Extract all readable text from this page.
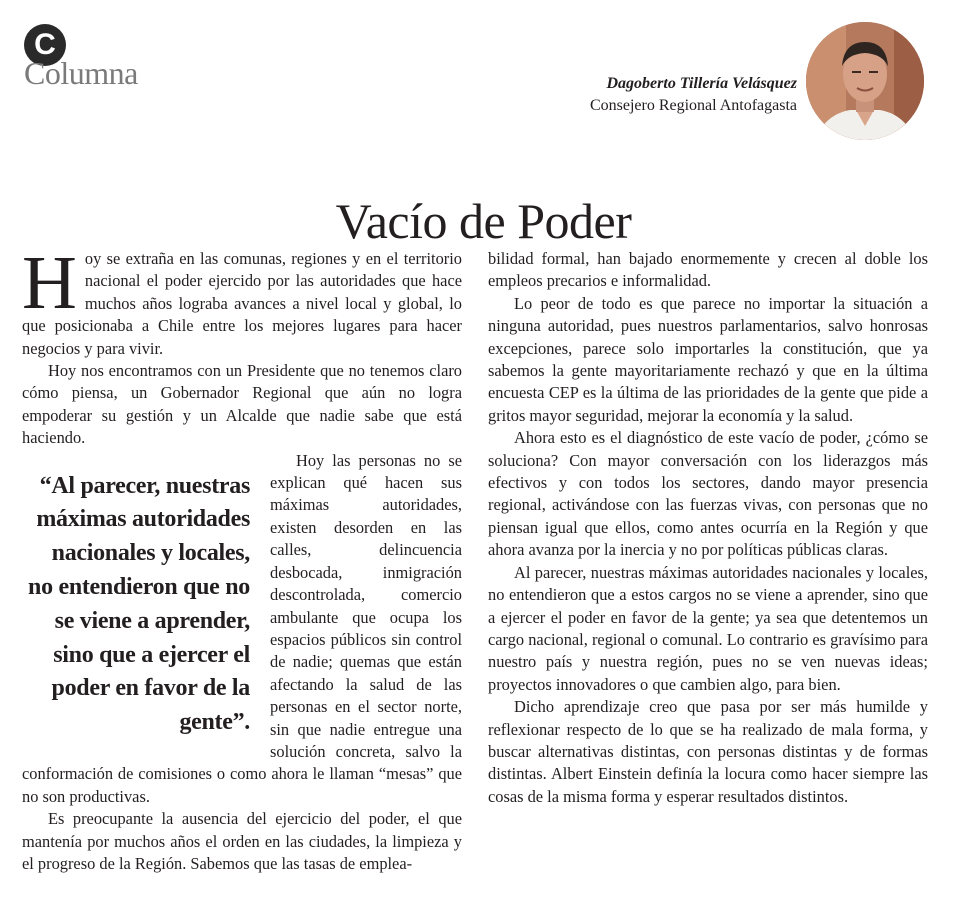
C
Columna	Dagoberto Tillería Velásquez
Consejero Regional Antofagasta
Vacío de Poder

Hoy se extraña en las comunas, regiones y en el territorio nacional el poder ejercido por las autoridades que hace muchos años lograba avances a nivel local y global, lo que posicionaba a Chile entre los mejores lugares para hacer negocios y para vivir.

Hoy nos encontramos con un Presidente que no tenemos claro cómo piensa, un Gobernador Regional que aún no logra empoderar su gestión y un Alcalde que nadie sabe que está haciendo.

“Al parecer, nuestras máximas autoridades nacionales y locales, no entendieron que no se viene a aprender, sino que a ejercer el poder en favor de la gente”.

Hoy las personas no se explican qué hacen sus máximas autoridades, existen desorden en las calles, delincuencia desbocada, inmigración descontrolada, comercio ambulante que ocupa los espacios públicos sin control de nadie; quemas que están afectando la salud de las personas en el sector norte, sin que nadie entregue una solución concreta, salvo la conformación de comisiones o como ahora le llaman “mesas” que no son productivas.

Es preocupante la ausencia del ejercicio del poder, el que mantenía por muchos años el orden en las ciudades, la limpieza y el progreso de la Región. Sabemos que las tasas de emplea-

bilidad formal, han bajado enormemente y crecen al doble los empleos precarios e informalidad.

Lo peor de todo es que parece no importar la situación a ninguna autoridad, pues nuestros parlamentarios, salvo honrosas excepciones, parece solo importarles la constitución, que ya sabemos la gente mayoritariamente rechazó y que en la última encuesta CEP es la última de las prioridades de la gente que pide a gritos mayor seguridad, mejorar la economía y la salud.

Ahora esto es el diagnóstico de este vacío de poder, ¿cómo se soluciona? Con mayor conversación con los liderazgos más efectivos y con todos los sectores, dando mayor presencia regional, activándose con las fuerzas vivas, con personas que no piensan igual que ellos, como antes ocurría en la Región y que ahora avanza por la inercia y no por políticas públicas claras.

Al parecer, nuestras máximas autoridades nacionales y locales, no entendieron que a estos cargos no se viene a aprender, sino que a ejercer el poder en favor de la gente; ya sea que detentemos un cargo nacional, regional o comunal. Lo contrario es gravísimo para nuestro país y nuestra región, pues no se ven nuevas ideas; proyectos innovadores o que cambien algo, para bien.

Dicho aprendizaje creo que pasa por ser más humilde y reflexionar respecto de lo que se ha realizado de mala forma, y buscar alternativas distintas, con personas distintas y de formas distintas. Albert Einstein definía la locura como hacer siempre las cosas de la misma forma y esperar resultados distintos.
